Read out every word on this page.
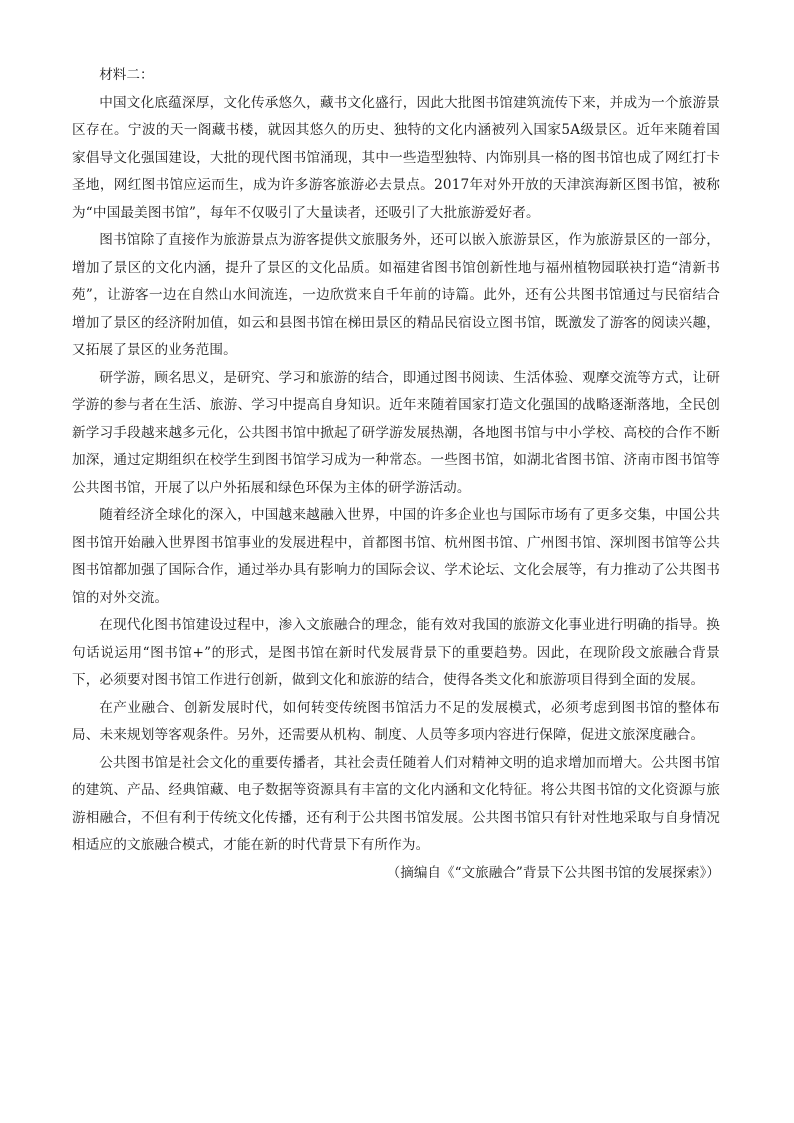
材料二：

中国文化底蕴深厚，文化传承悠久，藏书文化盛行，因此大批图书馆建筑流传下来，并成为一个旅游景区存在。宁波的天一阁藏书楼，就因其悠久的历史、独特的文化内涵被列入国家5A级景区。近年来随着国家倡导文化强国建设，大批的现代图书馆涌现，其中一些造型独特、内饰别具一格的图书馆也成了网红打卡圣地，网红图书馆应运而生，成为许多游客旅游必去景点。2017年对外开放的天津滨海新区图书馆，被称为“中国最美图书馆”，每年不仅吸引了大量读者，还吸引了大批旅游爱好者。

图书馆除了直接作为旅游景点为游客提供文旅服务外，还可以嵌入旅游景区，作为旅游景区的一部分，增加了景区的文化内涵，提升了景区的文化品质。如福建省图书馆创新性地与福州植物园联袂打造“清新书苑”，让游客一边在自然山水间流连，一边欣赏来自千年前的诗篇。此外，还有公共图书馆通过与民宿结合增加了景区的经济附加值，如云和县图书馆在梯田景区的精品民宿设立图书馆，既激发了游客的阅读兴趣，又拓展了景区的业务范围。

研学游，顾名思义，是研究、学习和旅游的结合，即通过图书阅读、生活体验、观摩交流等方式，让研学游的参与者在生活、旅游、学习中提高自身知识。近年来随着国家打造文化强国的战略逐渐落地，全民创新学习手段越来越多元化，公共图书馆中掀起了研学游发展热潮，各地图书馆与中小学校、高校的合作不断加深，通过定期组织在校学生到图书馆学习成为一种常态。一些图书馆，如湖北省图书馆、济南市图书馆等公共图书馆，开展了以户外拓展和绿色环保为主体的研学游活动。

随着经济全球化的深入，中国越来越融入世界，中国的许多企业也与国际市场有了更多交集，中国公共图书馆开始融入世界图书馆事业的发展进程中，首都图书馆、杭州图书馆、广州图书馆、深圳图书馆等公共图书馆都加强了国际合作，通过举办具有影响力的国际会议、学术论坛、文化会展等，有力推动了公共图书馆的对外交流。

在现代化图书馆建设过程中，渗入文旅融合的理念，能有效对我国的旅游文化事业进行明确的指导。换句话说运用“图书馆+”的形式，是图书馆在新时代发展背景下的重要趋势。因此，在现阶段文旅融合背景下，必须要对图书馆工作进行创新，做到文化和旅游的结合，使得各类文化和旅游项目得到全面的发展。

在产业融合、创新发展时代，如何转变传统图书馆活力不足的发展模式，必须考虑到图书馆的整体布局、未来规划等客观条件。另外，还需要从机构、制度、人员等多项内容进行保障，促进文旅深度融合。

公共图书馆是社会文化的重要传播者，其社会责任随着人们对精神文明的追求增加而增大。公共图书馆的建筑、产品、经典馆藏、电子数据等资源具有丰富的文化内涵和文化特征。将公共图书馆的文化资源与旅游相融合，不但有利于传统文化传播，还有利于公共图书馆发展。公共图书馆只有针对性地采取与自身情况相适应的文旅融合模式，才能在新的时代背景下有所作为。

（摘编自《“文旅融合”背景下公共图书馆的发展探索》）
